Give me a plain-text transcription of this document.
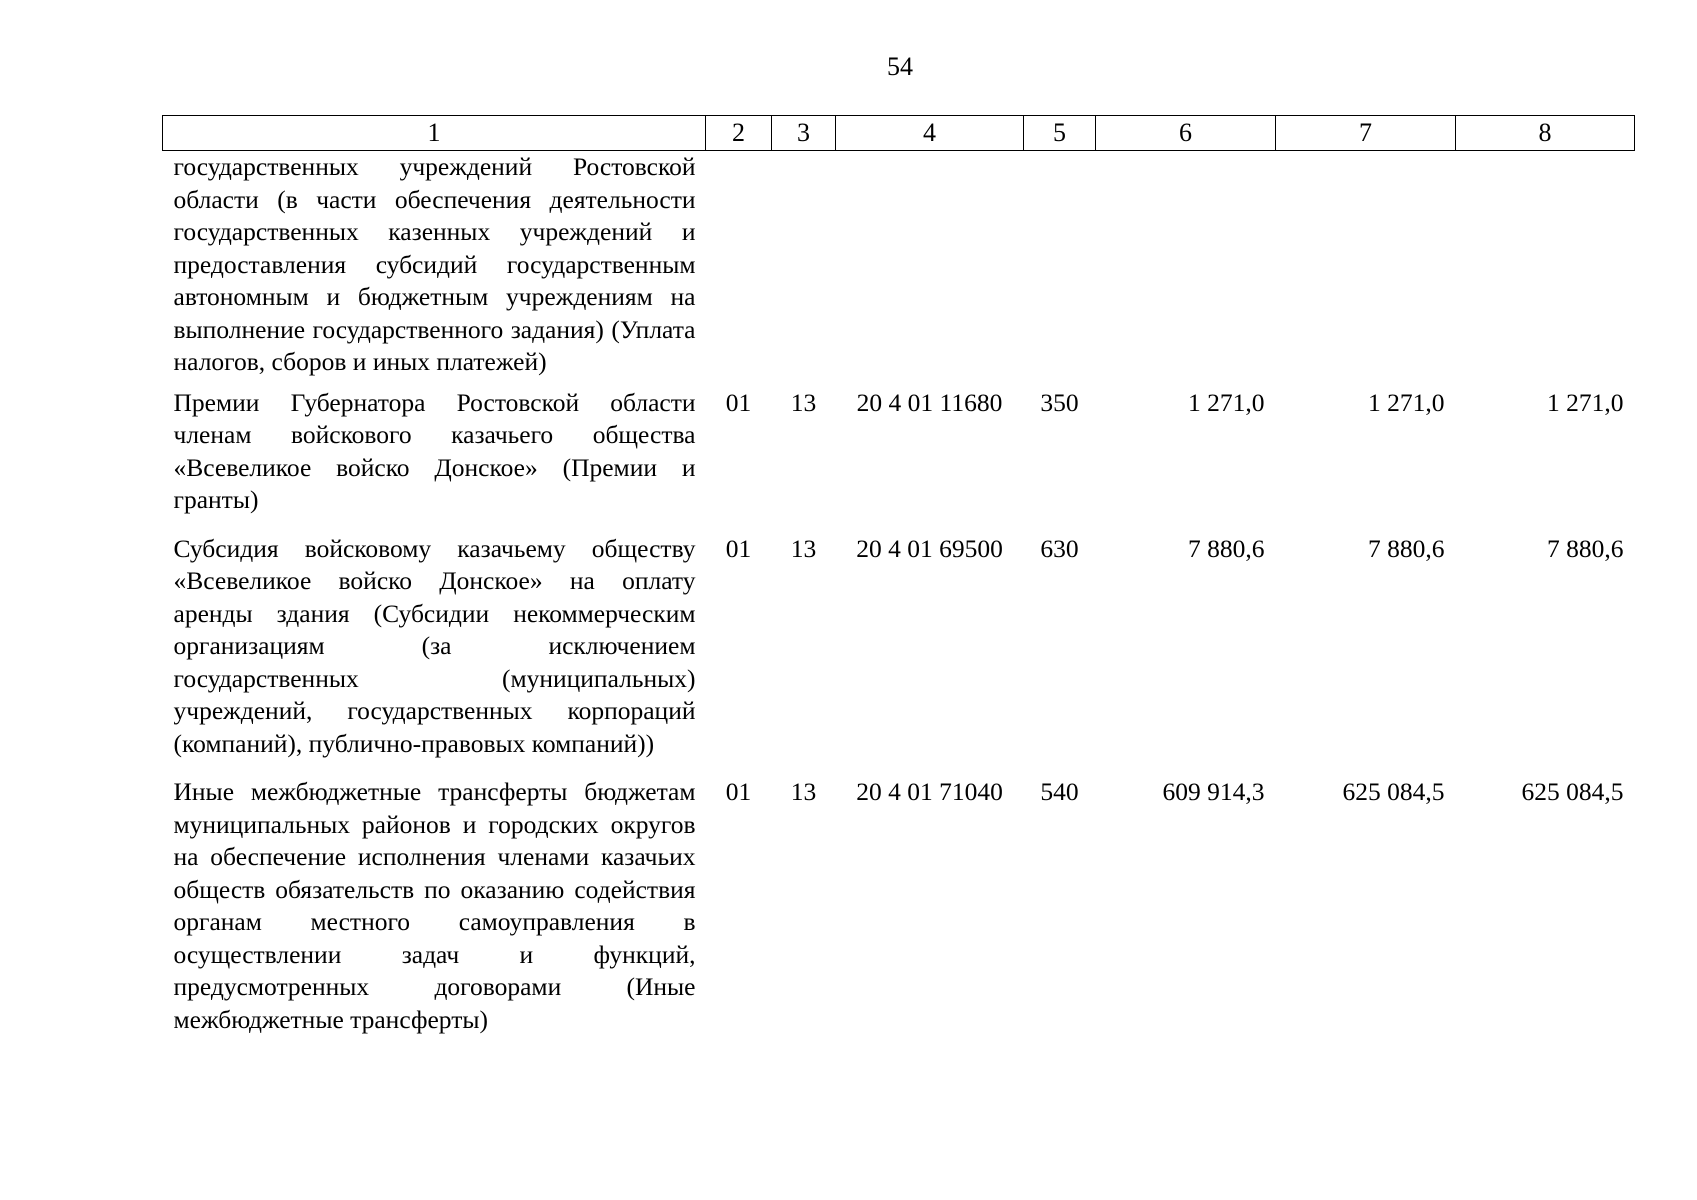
54
1	2	3	4	5	6	7	8
государственных учреждений Ростовской области (в части обеспечения деятельности государственных казенных учреждений и предоставления субсидий государственным автономным и бюджетным учреждениям на выполнение государственного задания) (Уплата налогов, сборов и иных платежей)							
Премии Губернатора Ростовской области членам войскового казачьего общества «Всевеликое войско Донское» (Премии и гранты)	01	13	20 4 01 11680	350	1 271,0	1 271,0	1 271,0
Субсидия войсковому казачьему обществу «Всевеликое войско Донское» на оплату аренды здания (Субсидии некоммерческим организациям (за исключением государственных (муниципальных) учреждений, государственных корпораций (компаний), публично-правовых компаний))	01	13	20 4 01 69500	630	7 880,6	7 880,6	7 880,6
Иные межбюджетные трансферты бюджетам муниципальных районов и городских округов на обеспечение исполнения членами казачьих обществ обязательств по оказанию содействия органам местного самоуправления в осуществлении задач и функций, предусмотренных договорами (Иные межбюджетные трансферты)	01	13	20 4 01 71040	540	609 914,3	625 084,5	625 084,5
